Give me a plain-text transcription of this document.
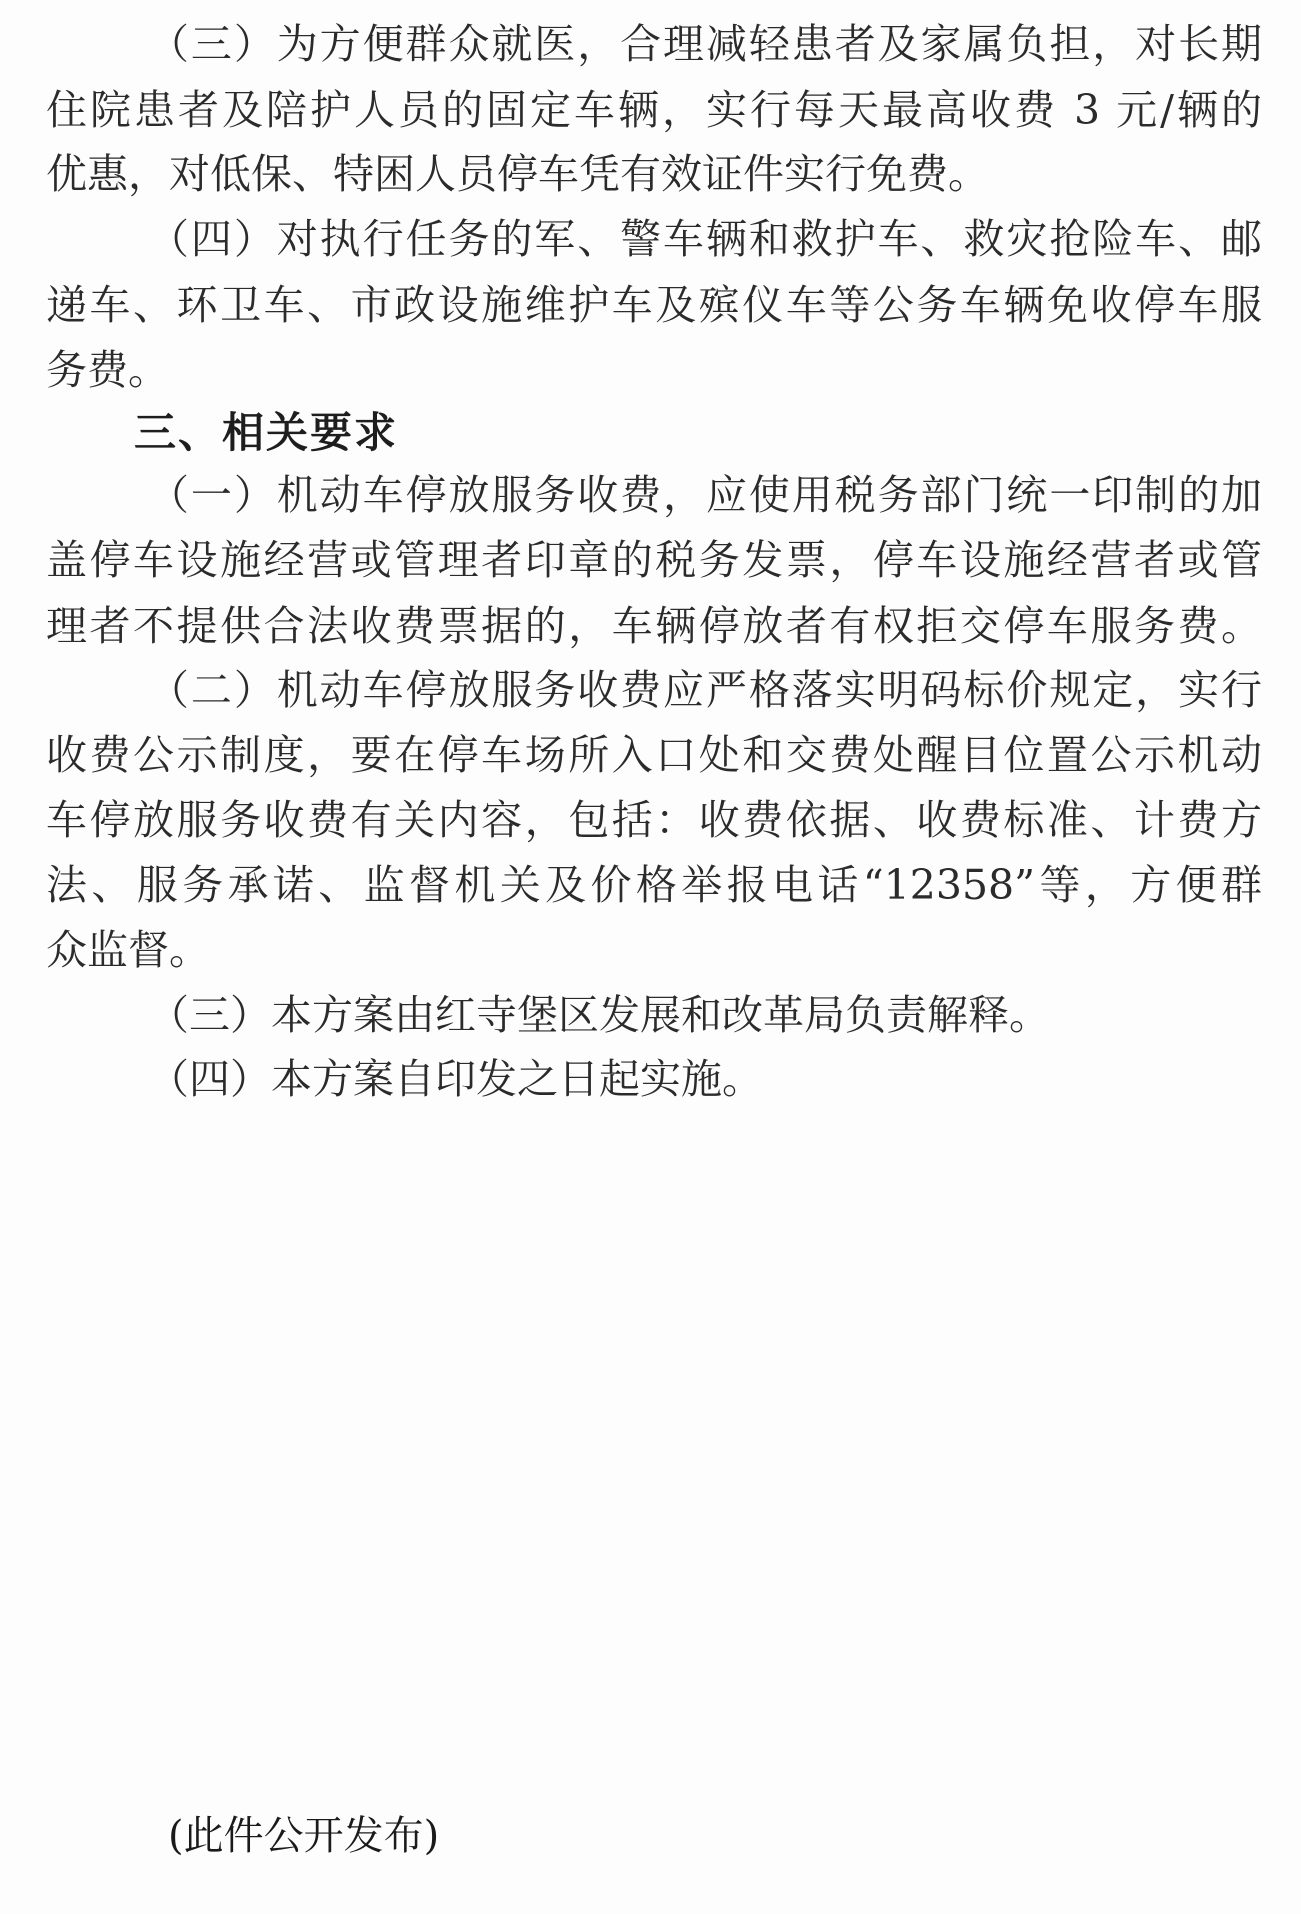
（三）为方便群众就医，合理减轻患者及家属负担，对长期
住院患者及陪护人员的固定车辆，实行每天最高收费 3 元/辆的
优惠，对低保、特困人员停车凭有效证件实行免费。
（四）对执行任务的军、警车辆和救护车、救灾抢险车、邮
递车、环卫车、市政设施维护车及殡仪车等公务车辆免收停车服
务费。
三、相关要求
（一）机动车停放服务收费，应使用税务部门统一印制的加
盖停车设施经营或管理者印章的税务发票，停车设施经营者或管
理者不提供合法收费票据的，车辆停放者有权拒交停车服务费。
（二）机动车停放服务收费应严格落实明码标价规定，实行
收费公示制度，要在停车场所入口处和交费处醒目位置公示机动
车停放服务收费有关内容，包括：收费依据、收费标准、计费方
法、服务承诺、监督机关及价格举报电话“12358”等，方便群
众监督。
（三）本方案由红寺堡区发展和改革局负责解释。
（四）本方案自印发之日起实施。
(此件公开发布)
